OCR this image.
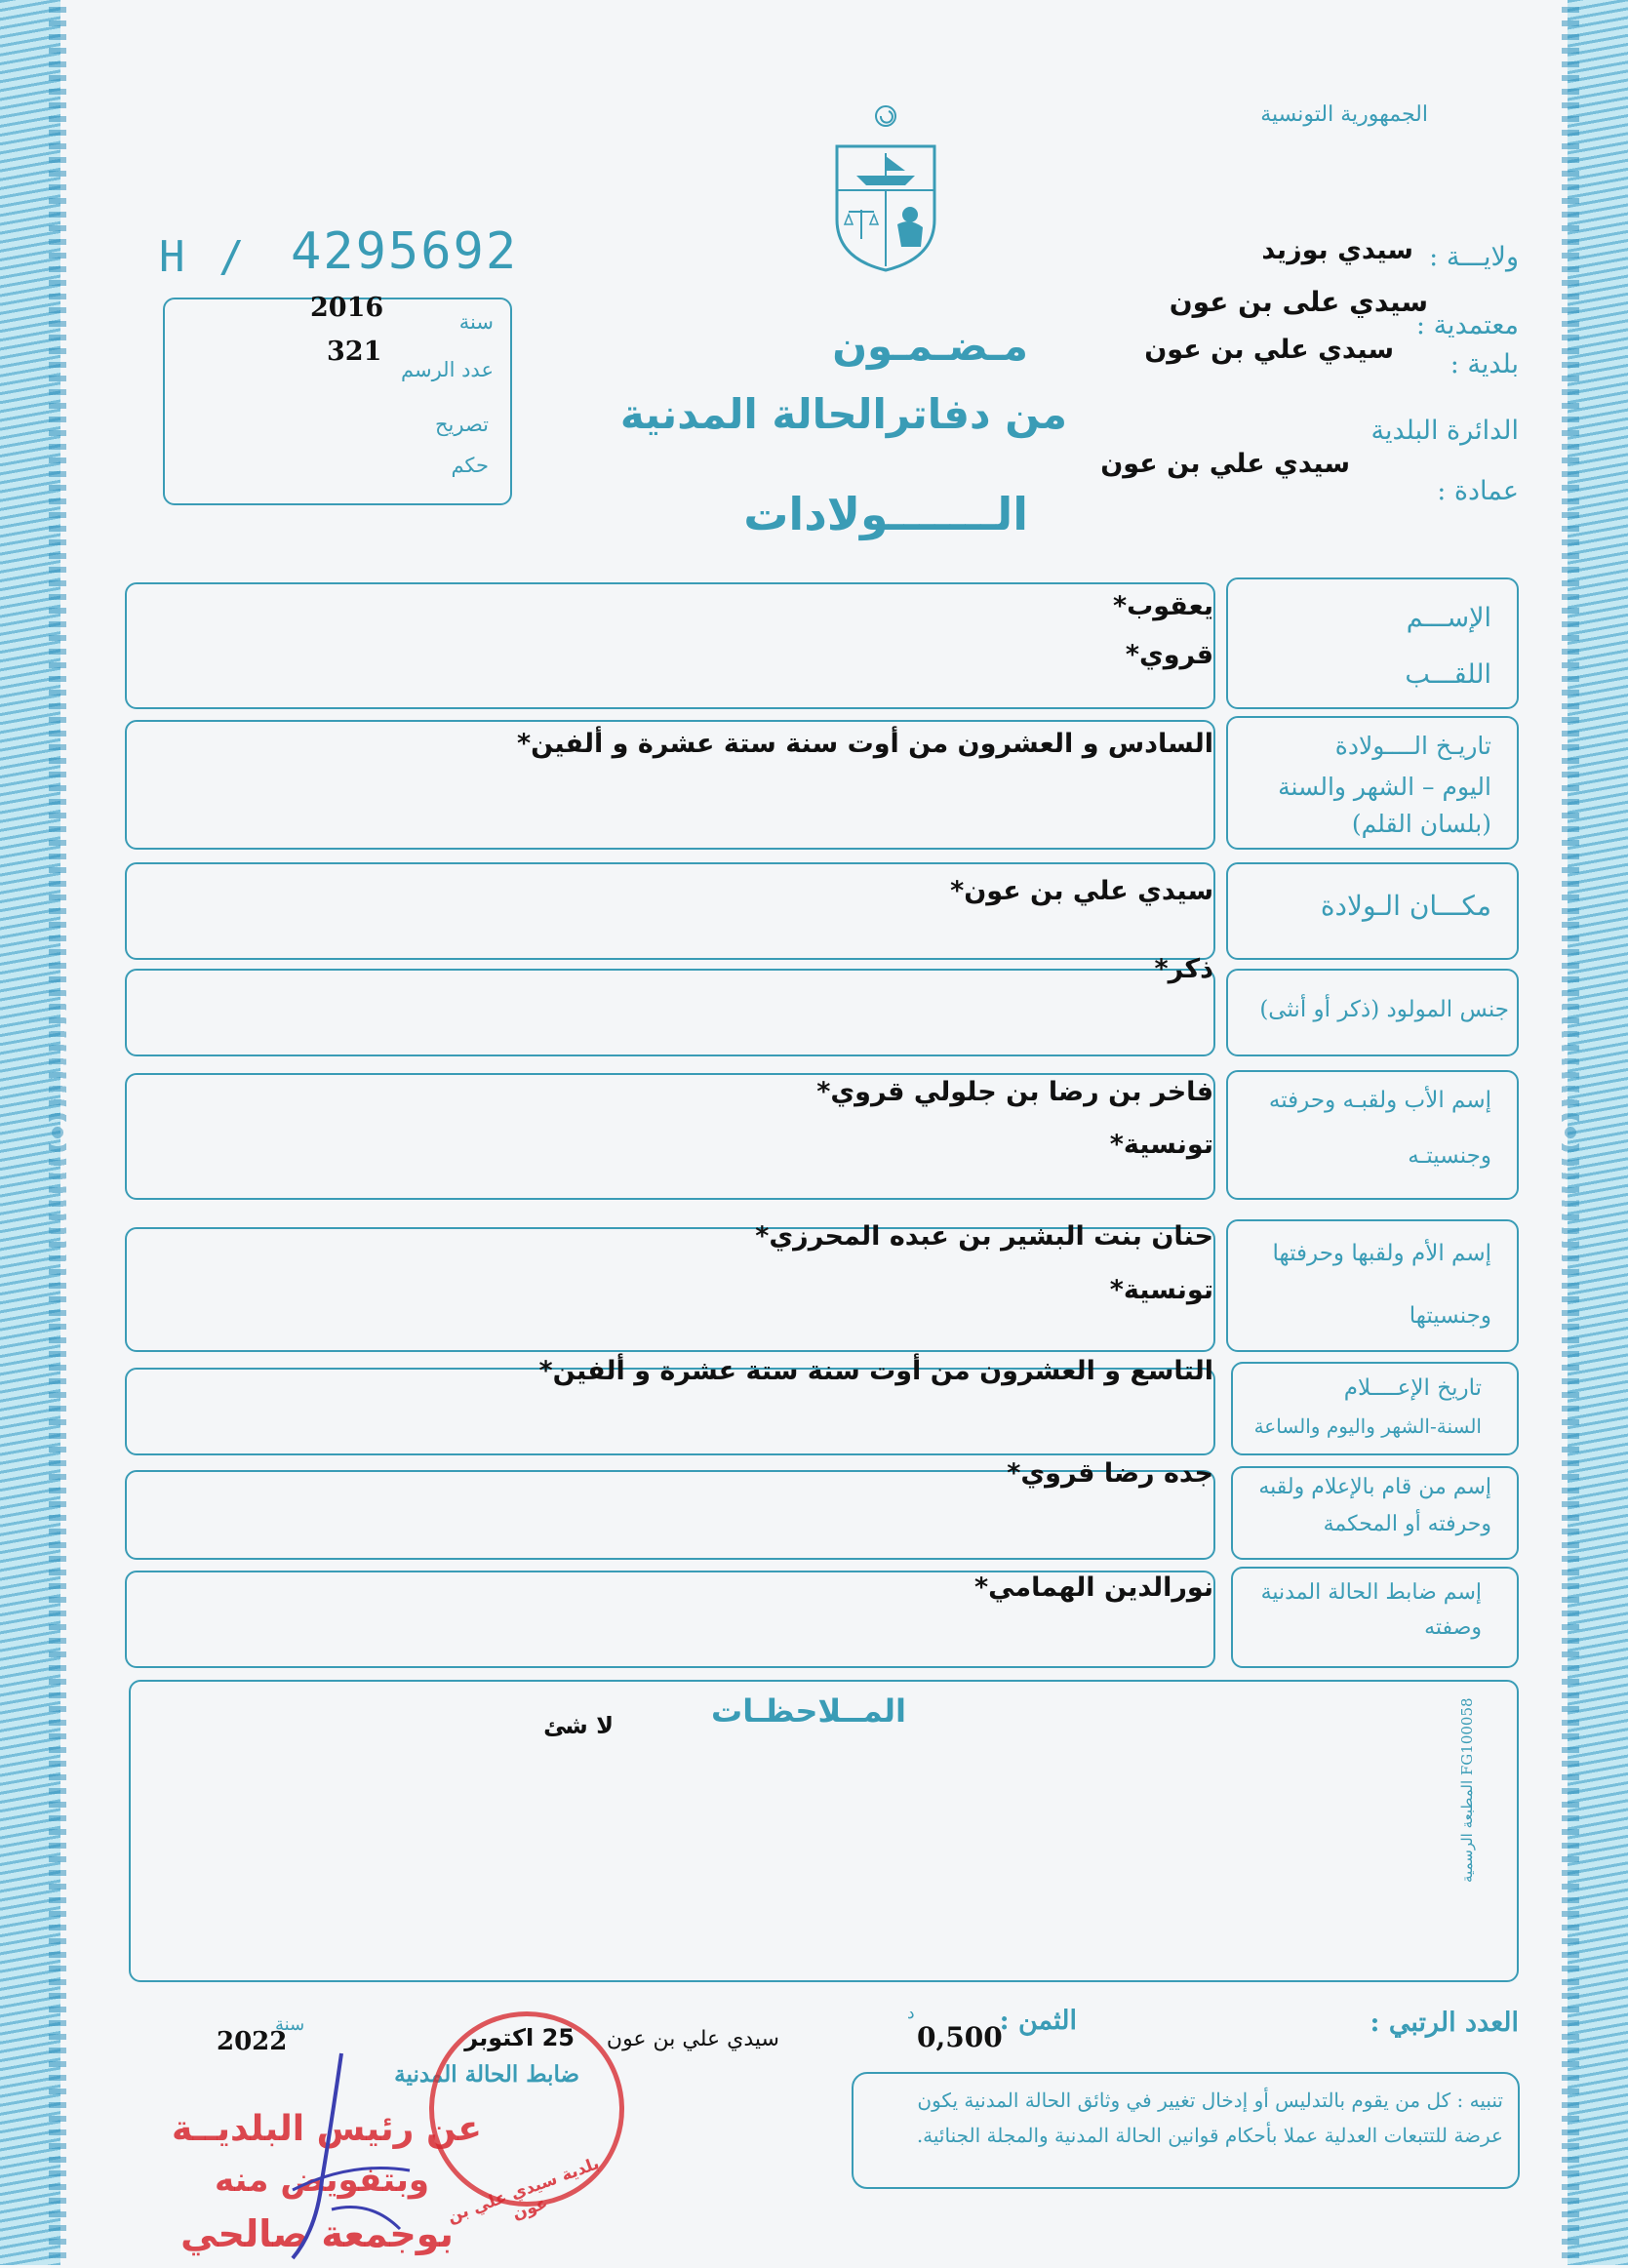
الجمهورية التونسية
H / 4295692
سنة
2016
عدد الرسم
321
تصريح
حكم
مـضـمـون
من دفاترالحالة المدنية
الـــــــولادات
ولايـــة :
سيدي بوزيد
معتمدية :
سيدي على بن عون
بلدية :
سيدي علي بن عون
الدائرة البلدية
عمادة :
سيدي علي بن عون
الإســـم
اللقـــب
يعقوب*
قروي*
تاريـخ الــــولادة
اليوم – الشهر والسنة
(بلسان القلم)
السادس و العشرون من أوت سنة ستة عشرة و ألفين*
مكـــان الـولادة
سيدي علي بن عون*
جنس المولود (ذكر أو أنثى)
ذكر*
إسم الأب ولقبـه وحرفته
وجنسيتـه
فاخر بن رضا بن جلولي قروي*
تونسية*
إسم الأم ولقبها وحرفتها
وجنسيتها
حنان بنت البشير بن عبده المحرزي*
تونسية*
تاريخ الإعــــلام
السنة-الشهر واليوم والساعة
التاسع و العشرون من أوت سنة ستة عشرة و ألفين*
إسم من قام بالإعلام ولقبه
وحرفته أو المحكمة
جده رضا قروي*
إسم ضابط الحالة المدنية
وصفته
نورالدين الهمامي*
المــلاحظـات
لا شئ
المطبعة الرسمية FG100058
العدد الرتبي :
الثمن :
0,500
د
سيدي علي بن عون
25 اكتوبر
سنة
2022
ضابط الحالة المدنية
تنبيه : كل من يقوم بالتدليس أو إدخال تغيير في وثائق الحالة المدنية يكون عرضة للتتبعات العدلية عملا بأحكام قوانين الحالة المدنية والمجلة الجنائية.
بلدية سيدي علي بن عون
عن رئيس البلديــة
وبتفويض منه
بوجمعة صالحي
